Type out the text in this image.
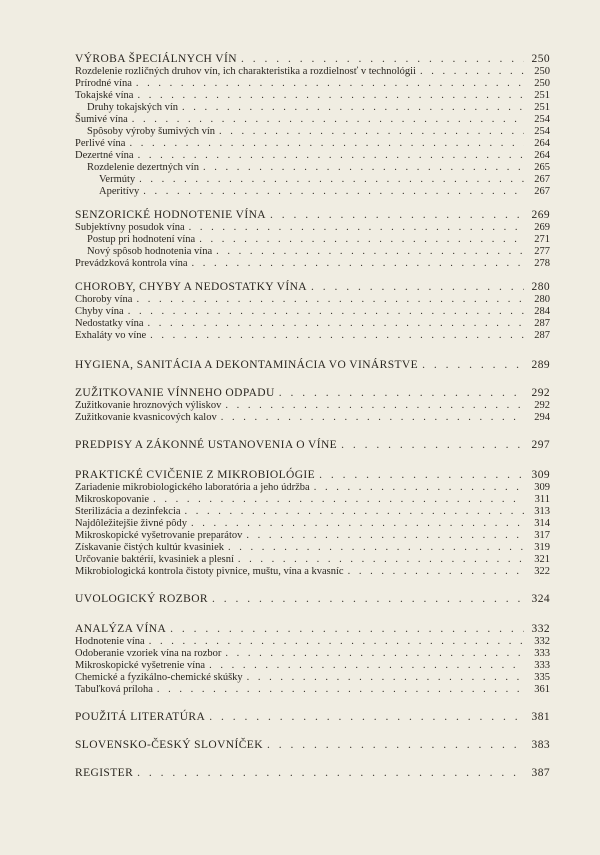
VÝROBA ŠPECIÁLNYCH VÍN . . .	250
Rozdelenie rozličných druhov vín, ich charakteristika a rozdielnosť v technológii . . .	250
Prírodné vína . . .	250
Tokajské vína . . .	251
Druhy tokajských vín . . .	251
Šumivé vína . . .	254
Spôsoby výroby šumivých vín . . .	254
Perlivé vína . . .	264
Dezertné vína . . .	264
Rozdelenie dezertných vín . . .	265
Vermúty . . .	267
Aperitívy . . .	267
SENZORICKÉ HODNOTENIE VÍNA . . .	269
Subjektívny posudok vína . . .	269
Postup pri hodnotení vína . . .	271
Nový spôsob hodnotenia vína . . .	277
Prevádzková kontrola vína . . .	278
CHOROBY, CHYBY A NEDOSTATKY VÍNA . . .	280
Choroby vína . . .	280
Chyby vína . . .	284
Nedostatky vína . . .	287
Exhaláty vo víne . . .	287
HYGIENA, SANITÁCIA A DEKONTAMINÁCIA VO VINÁRSTVE . . .	289
ZUŽITKOVANIE VÍNNEHO ODPADU . . .	292
Zužitkovanie hroznových výliskov . . .	292
Zužitkovanie kvasnicových kalov . . .	294
PREDPISY A ZÁKONNÉ USTANOVENIA O VÍNE . . .	297
PRAKTICKÉ CVIČENIE Z MIKROBIOLÓGIE . . .	309
Zariadenie mikrobiologického laboratória a jeho údržba . . .	309
Mikroskopovanie . . .	311
Sterilizácia a dezinfekcia . . .	313
Najdôležitejšie živné pôdy . . .	314
Mikroskopické vyšetrovanie preparátov . . .	317
Získavanie čistých kultúr kvasiniek . . .	319
Určovanie baktérií, kvasiniek a plesní . . .	321
Mikrobiologická kontrola čistoty pivnice, muštu, vína a kvasníc . . .	322
UVOLOGICKÝ ROZBOR . . .	324
ANALÝZA VÍNA . . .	332
Hodnotenie vína . . .	332
Odoberanie vzoriek vína na rozbor . . .	333
Mikroskopické vyšetrenie vína . . .	333
Chemické a fyzikálno-chemické skúšky . . .	335
Tabuľková príloha . . .	361
POUŽITÁ LITERATÚRA . . .	381
SLOVENSKO-ČESKÝ SLOVNÍČEK . . .	383
REGISTER . . .	387
